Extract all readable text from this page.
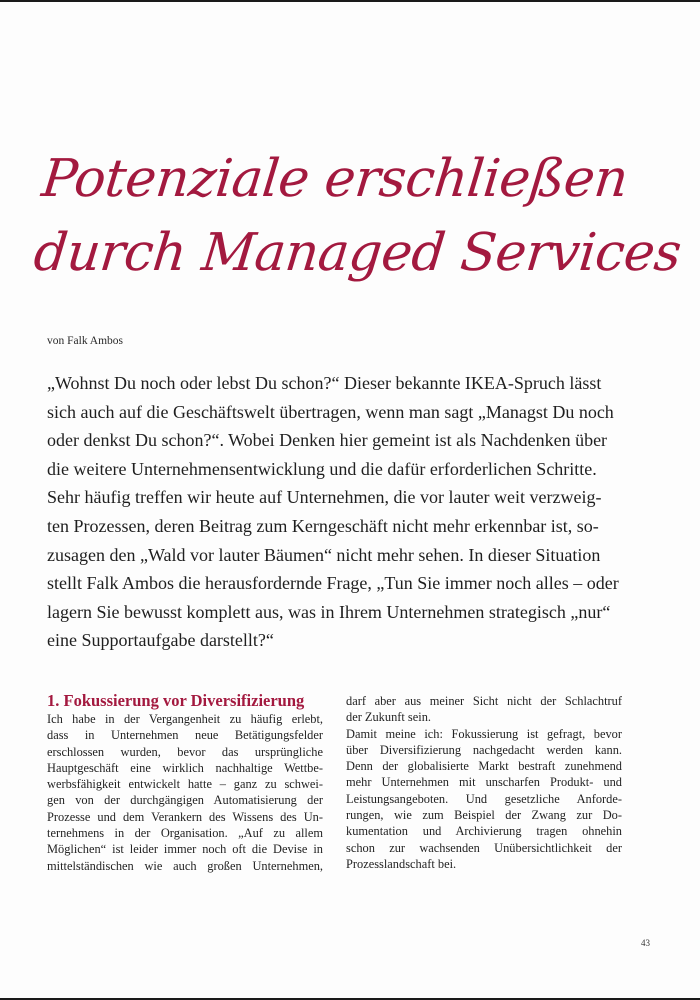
Potenziale erschließen
durch Managed Services
von Falk Ambos

„Wohnst Du noch oder lebst Du schon?“ Dieser bekannte IKEA-Spruch lässt
sich auch auf die Geschäftswelt übertragen, wenn man sagt „Managst Du noch
oder denkst Du schon?“. Wobei Denken hier gemeint ist als Nachdenken über
die weitere Unternehmensentwicklung und die dafür erforderlichen Schritte.
Sehr häufig treffen wir heute auf Unternehmen, die vor lauter weit verzweig-
ten Prozessen, deren Beitrag zum Kerngeschäft nicht mehr erkennbar ist, so-
zusagen den „Wald vor lauter Bäumen“ nicht mehr sehen. In dieser Situation
stellt Falk Ambos die herausfordernde Frage, „Tun Sie immer noch alles – oder
lagern Sie bewusst komplett aus, was in Ihrem Unternehmen strategisch „nur“
eine Supportaufgabe darstellt?“

1. Fokussierung vor Diversifizierung
Ich habe in der Vergangenheit zu häufig erlebt,
dass in Unternehmen neue Betätigungsfelder
erschlossen wurden, bevor das ursprüngliche
Hauptgeschäft eine wirklich nachhaltige Wettbe-
werbsfähigkeit entwickelt hatte – ganz zu schwei-
gen von der durchgängigen Automatisierung der
Prozesse und dem Verankern des Wissens des Un-
ternehmens in der Organisation. „Auf zu allem
Möglichen“ ist leider immer noch oft die Devise in
mittelständischen wie auch großen Unternehmen,
darf aber aus meiner Sicht nicht der Schlachtruf
der Zukunft sein.
Damit meine ich: Fokussierung ist gefragt, bevor
über Diversifizierung nachgedacht werden kann.
Denn der globalisierte Markt bestraft zunehmend
mehr Unternehmen mit unscharfen Produkt- und
Leistungsangeboten. Und gesetzliche Anforde-
rungen, wie zum Beispiel der Zwang zur Do-
kumentation und Archivierung tragen ohnehin
schon zur wachsenden Unübersichtlichkeit der
Prozesslandschaft bei.
43
